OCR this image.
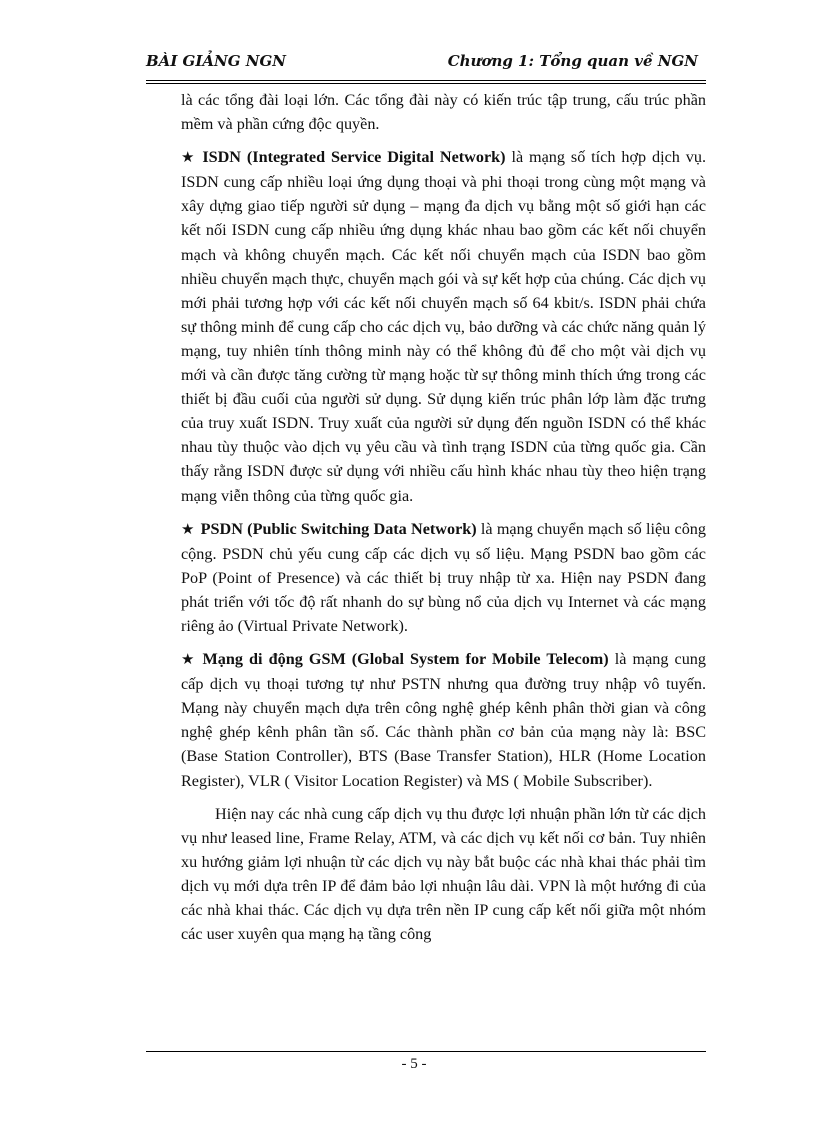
BÀI GIẢNG NGN	Chương 1: Tổng quan về NGN

là các tổng đài loại lớn. Các tổng đài này có kiến trúc tập trung, cấu trúc phần mềm và phần cứng độc quyền.

★ ISDN (Integrated Service Digital Network) là mạng số tích hợp dịch vụ. ISDN cung cấp nhiều loại ứng dụng thoại và phi thoại trong cùng một mạng và xây dựng giao tiếp người sử dụng – mạng đa dịch vụ bằng một số giới hạn các kết nối ISDN cung cấp nhiều ứng dụng khác nhau bao gồm các kết nối chuyển mạch và không chuyển mạch. Các kết nối chuyển mạch của ISDN bao gồm nhiều chuyển mạch thực, chuyển mạch gói và sự kết hợp của chúng. Các dịch vụ mới phải tương hợp với các kết nối chuyển mạch số 64 kbit/s. ISDN phải chứa sự thông minh để cung cấp cho các dịch vụ, bảo dưỡng và các chức năng quản lý mạng, tuy nhiên tính thông minh này có thể không đủ để cho một vài dịch vụ mới và cần được tăng cường từ mạng hoặc từ sự thông minh thích ứng trong các thiết bị đầu cuối của người sử dụng. Sử dụng kiến trúc phân lớp làm đặc trưng của truy xuất ISDN. Truy xuất của người sử dụng đến nguồn ISDN có thể khác nhau tùy thuộc vào dịch vụ yêu cầu và tình trạng ISDN của từng quốc gia. Cần thấy rằng ISDN được sử dụng với nhiều cấu hình khác nhau tùy theo hiện trạng mạng viễn thông của từng quốc gia.

★ PSDN (Public Switching Data Network) là mạng chuyển mạch số liệu công cộng. PSDN chủ yếu cung cấp các dịch vụ số liệu. Mạng PSDN bao gồm các PoP (Point of Presence) và các thiết bị truy nhập từ xa. Hiện nay PSDN đang phát triển với tốc độ rất nhanh do sự bùng nổ của dịch vụ Internet và các mạng riêng ảo (Virtual Private Network).

★ Mạng di động GSM (Global System for Mobile Telecom) là mạng cung cấp dịch vụ thoại tương tự như PSTN nhưng qua đường truy nhập vô tuyến. Mạng này chuyển mạch dựa trên công nghệ ghép kênh phân thời gian và công nghệ ghép kênh phân tần số. Các thành phần cơ bản của mạng này là: BSC (Base Station Controller), BTS (Base Transfer Station), HLR (Home Location Register), VLR ( Visitor Location Register) và MS ( Mobile Subscriber).

Hiện nay các nhà cung cấp dịch vụ thu được lợi nhuận phần lớn từ các dịch vụ như leased line, Frame Relay, ATM, và các dịch vụ kết nối cơ bản. Tuy nhiên xu hướng giảm lợi nhuận từ các dịch vụ này bắt buộc các nhà khai thác phải tìm dịch vụ mới dựa trên IP để đảm bảo lợi nhuận lâu dài. VPN là một hướng đi của các nhà khai thác. Các dịch vụ dựa trên nền IP cung cấp kết nối giữa một nhóm các user xuyên qua mạng hạ tầng công

- 5 -
